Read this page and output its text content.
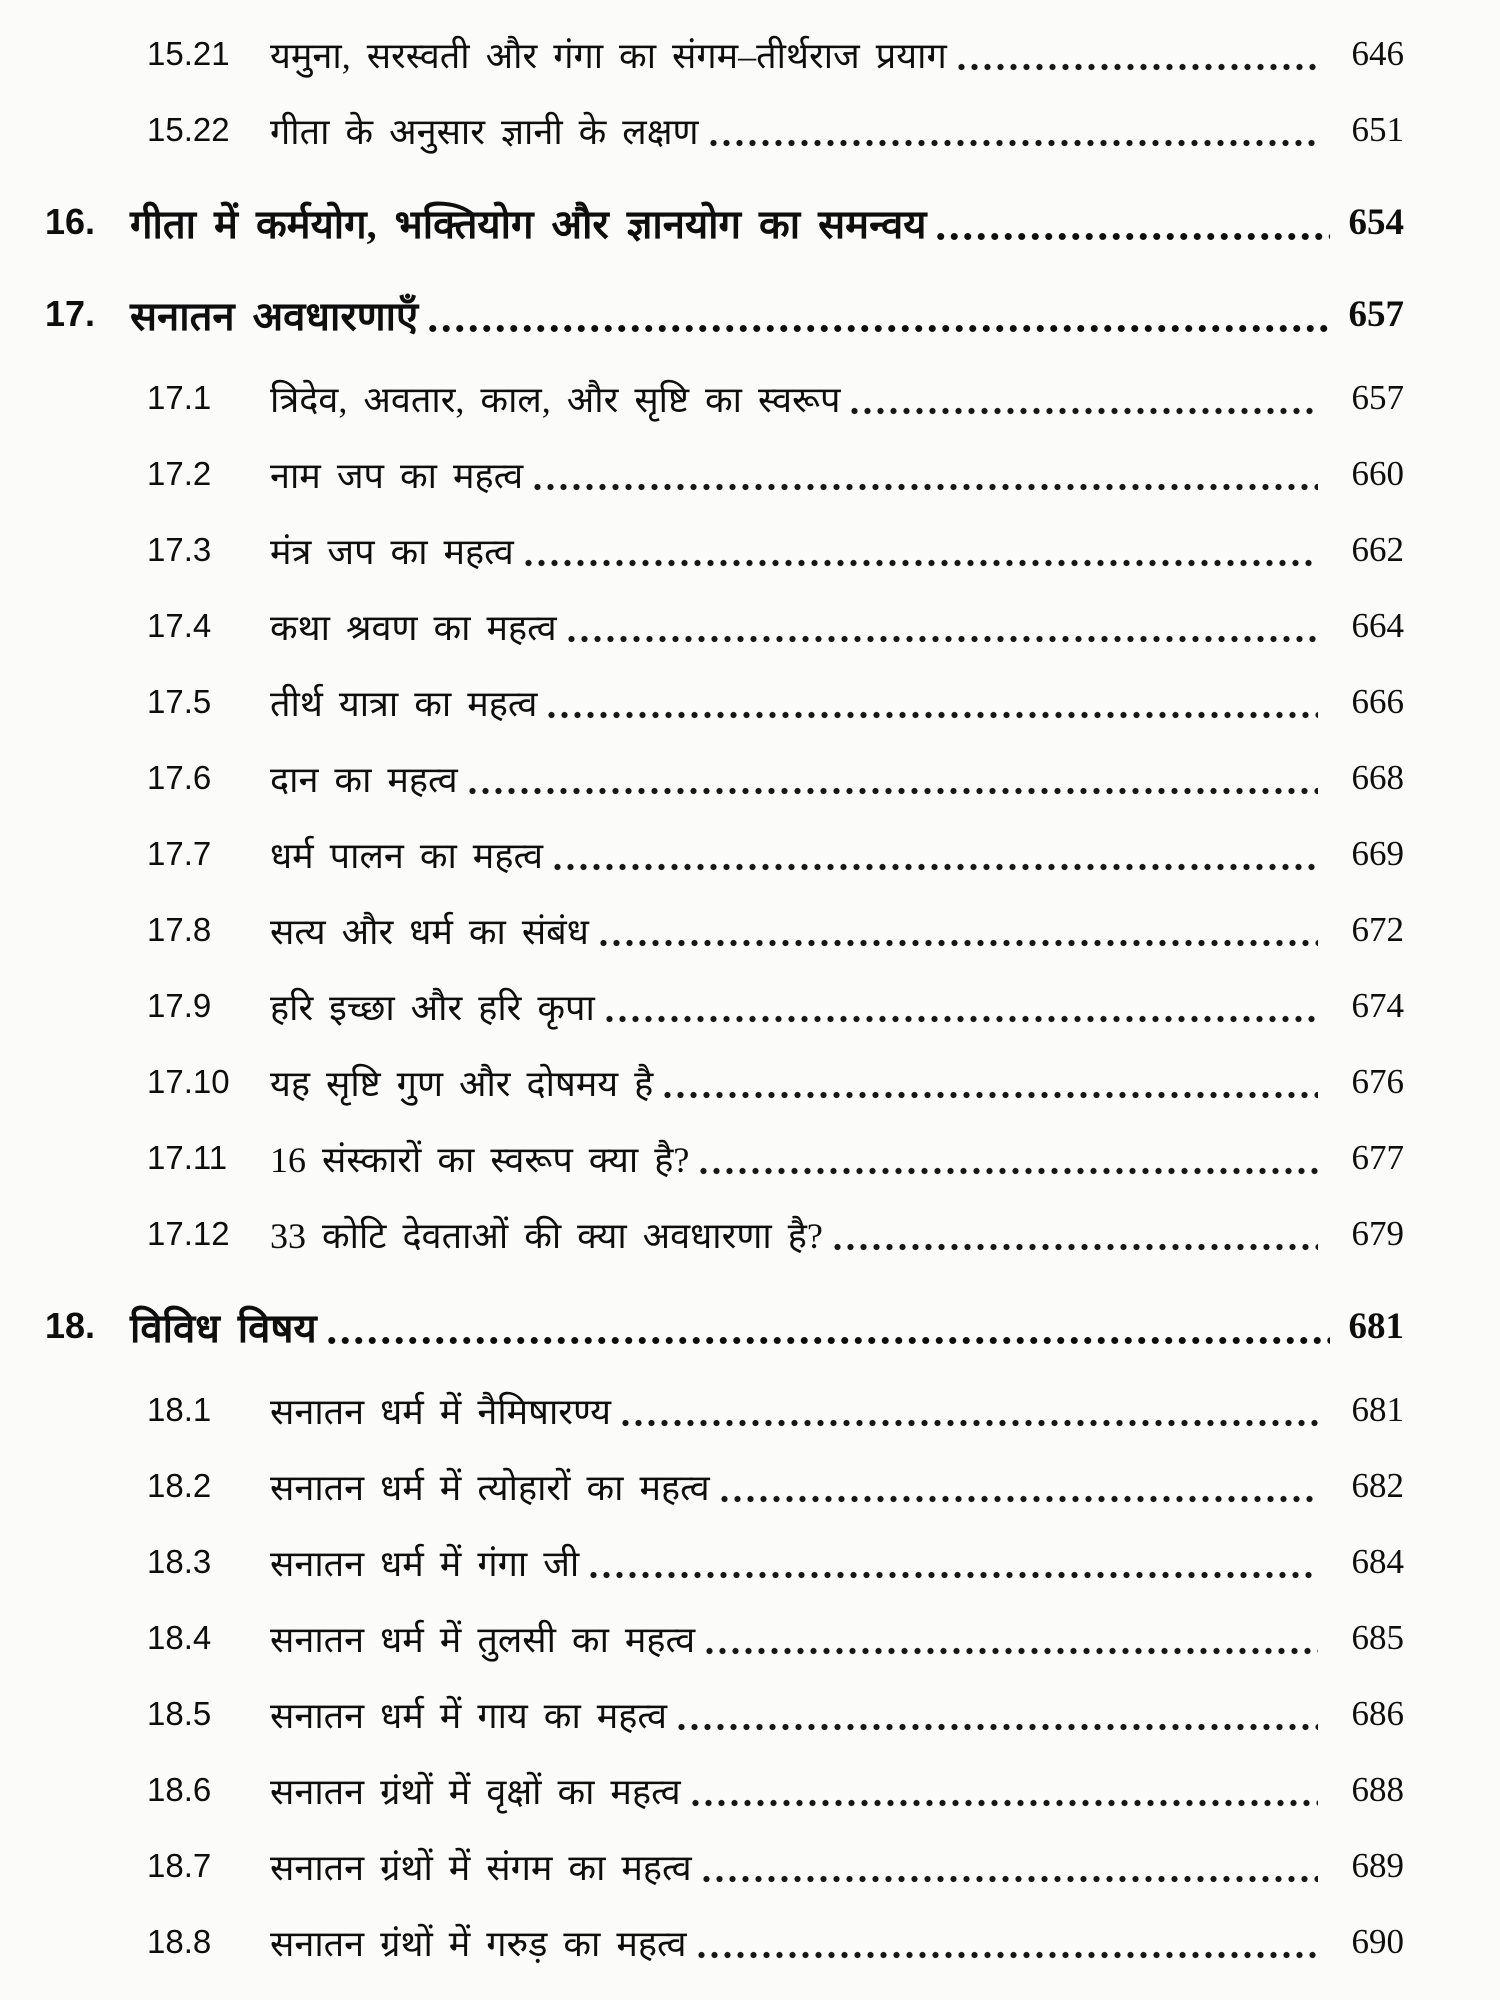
15.21	यमुना, सरस्वती और गंगा का संगम–तीर्थराज प्रयाग	646
15.22	गीता के अनुसार ज्ञानी के लक्षण	651
16. गीता में कर्मयोग, भक्तियोग और ज्ञानयोग का समन्वय	654
17. सनातन अवधारणाएँ	657
17.1	त्रिदेव, अवतार, काल, और सृष्टि का स्वरूप	657
17.2	नाम जप का महत्व	660
17.3	मंत्र जप का महत्व	662
17.4	कथा श्रवण का महत्व	664
17.5	तीर्थ यात्रा का महत्व	666
17.6	दान का महत्व	668
17.7	धर्म पालन का महत्व	669
17.8	सत्य और धर्म का संबंध	672
17.9	हरि इच्छा और हरि कृपा	674
17.10	यह सृष्टि गुण और दोषमय है	676
17.11	16 संस्कारों का स्वरूप क्या है?	677
17.12	33 कोटि देवताओं की क्या अवधारणा है?	679
18. विविध विषय	681
18.1	सनातन धर्म में नैमिषारण्य	681
18.2	सनातन धर्म में त्योहारों का महत्व	682
18.3	सनातन धर्म में गंगा जी	684
18.4	सनातन धर्म में तुलसी का महत्व	685
18.5	सनातन धर्म में गाय का महत्व	686
18.6	सनातन ग्रंथों में वृक्षों का महत्व	688
18.7	सनातन ग्रंथों में संगम का महत्व	689
18.8	सनातन ग्रंथों में गरुड़ का महत्व	690
